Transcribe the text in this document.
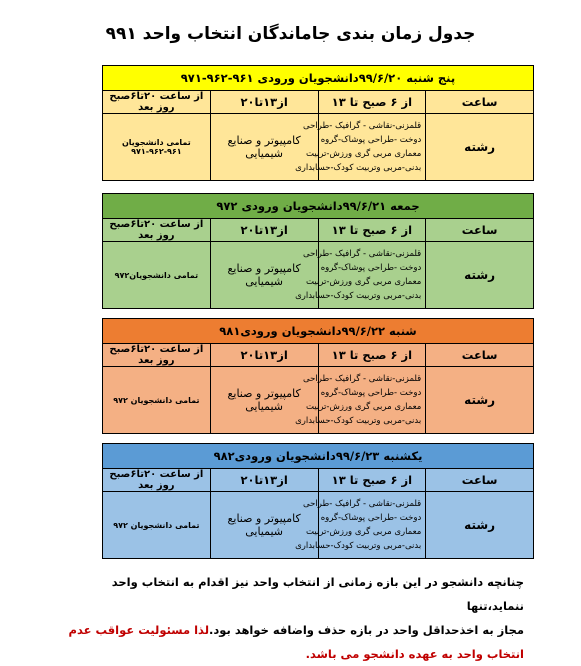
جدول زمان بندی جاماندگان انتخاب واحد ۹۹۱
پنج شنبه ۹۹/۶/۲۰دانشجویان ورودی ۹۶۱-۹۶۲-۹۷۱			
ساعت	از ۶ صبح تا ۱۳	از۱۳تا۲۰	از ساعت ۲۰تا۶صبح روز بعد
رشته	قلمزنی-نقاشی - گرافیک -طراحی
دوخت -طراحی پوشاک-گروه
معماری مربی گری ورزش-تربیت
بدنی-مربی وتربیت کودک-حسابداری	کامپیوتر و صنایع شیمیایی	تمامی دانشجویان ۹۶۱-۹۶۲-۹۷۱
جمعه ۹۹/۶/۲۱دانشجویان ورودی ۹۷۲			
ساعت	از ۶ صبح تا ۱۳	از۱۳تا۲۰	از ساعت ۲۰تا۶صبح روز بعد
رشته	قلمزنی-نقاشی - گرافیک -طراحی
دوخت -طراحی پوشاک-گروه
معماری مربی گری ورزش-تربیت
بدنی-مربی وتربیت کودک-حسابداری	کامپیوتر و صنایع شیمیایی	تمامی دانشجویان۹۷۲
شنبه ۹۹/۶/۲۲دانشجویان ورودی۹۸۱			
ساعت	از ۶ صبح تا ۱۳	از۱۳تا۲۰	از ساعت ۲۰تا۶صبح روز بعد
رشته	قلمزنی-نقاشی - گرافیک -طراحی
دوخت -طراحی پوشاک-گروه
معماری مربی گری ورزش-تربیت
بدنی-مربی وتربیت کودک-حسابداری	کامپیوتر و صنایع شیمیایی	تمامی دانشجویان ۹۷۲
یکشنبه ۹۹/۶/۲۳دانشجویان ورودی۹۸۲			
ساعت	از ۶ صبح تا ۱۳	از۱۳تا۲۰	از ساعت ۲۰تا۶صبح روز بعد
رشته	قلمزنی-نقاشی - گرافیک -طراحی
دوخت -طراحی پوشاک-گروه
معماری مربی گری ورزش-تربیت
بدنی-مربی وتربیت کودک-حسابداری	کامپیوتر و صنایع شیمیایی	تمامی دانشجویان ۹۷۲
چنانچه دانشجو در این بازه زمانی از انتخاب واحد نیز اقدام به انتخاب واحد ننماید،تنها
مجاز به اخذحداقل واحد در بازه حذف واضافه خواهد بود.لذا مسئولیت عواقب عدم
انتخاب واحد به عهده دانشجو می باشد.
